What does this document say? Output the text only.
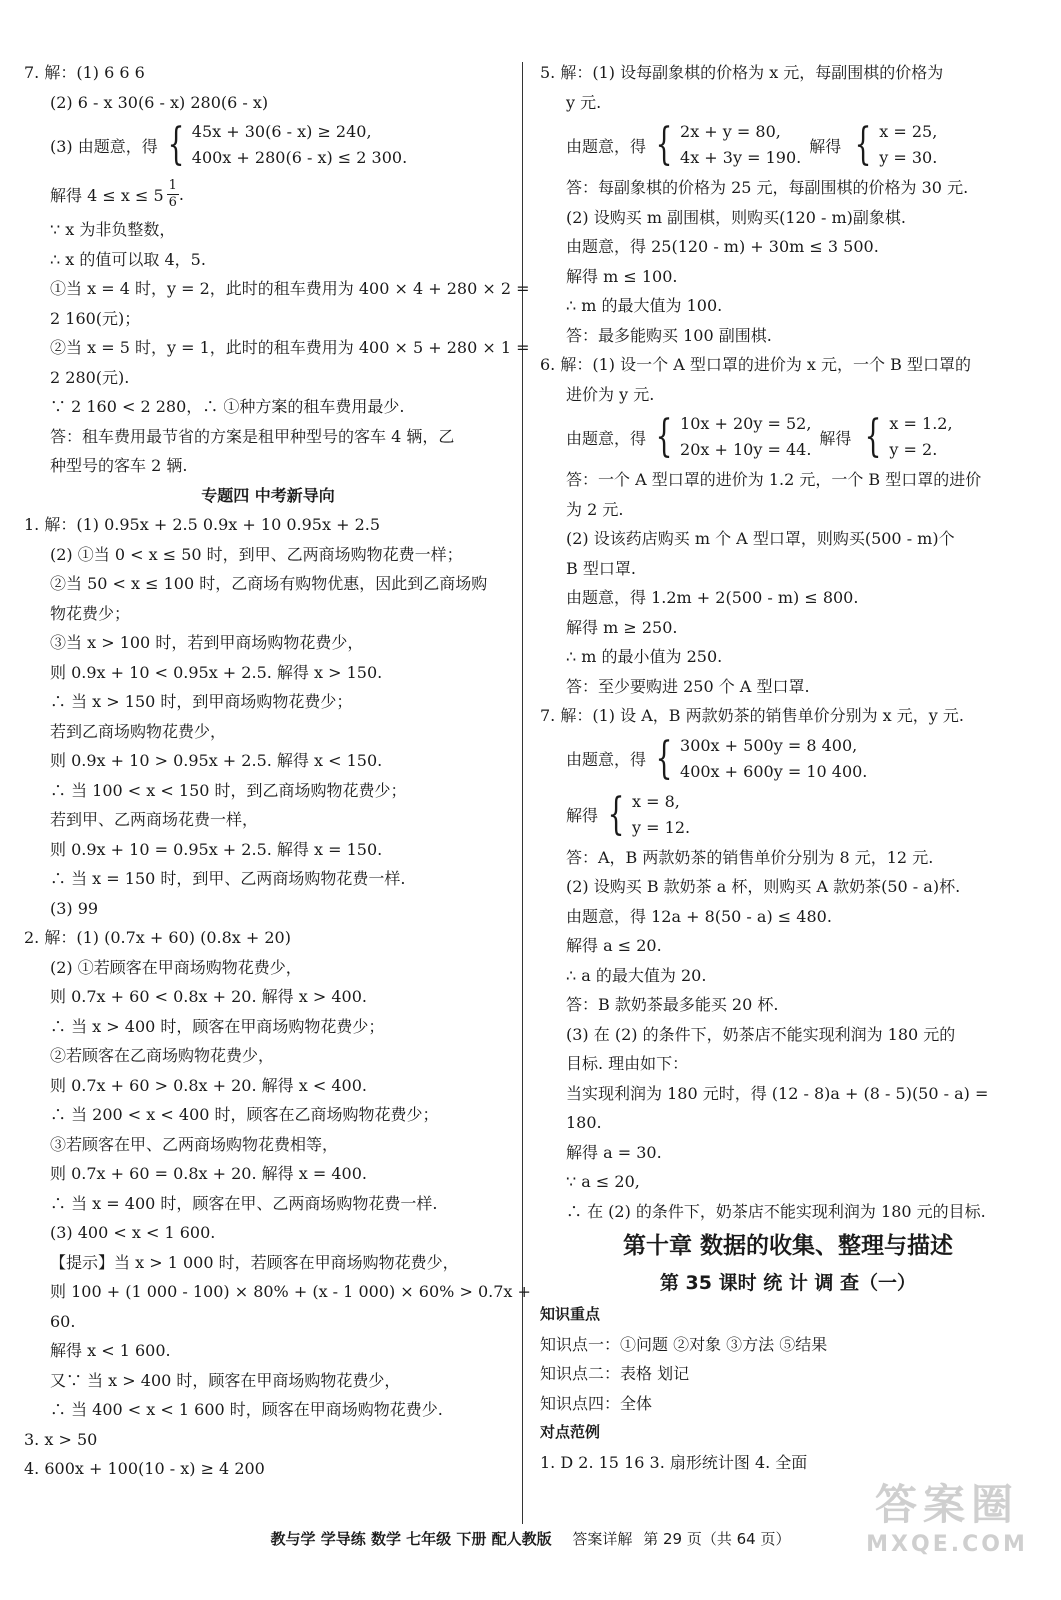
7. 解：(1) 6 6 6
(2) 6 - x 30(6 - x) 280(6 - x)
(3) 由题意，得 { 45x + 30(6 - x) ≥ 240,
400x + 280(6 - x) ≤ 2 300.
解得 $4 \le x \le 5 \frac{1}{6}$ .
∵ x 为非负整数，
∴ x 的值可以取 4，5.
①当 x = 4 时，y = 2，此时的租车费用为 400 × 4 + 280 × 2 =
2 160(元)；
②当 x = 5 时，y = 1，此时的租车费用为 400 × 5 + 280 × 1 =
2 280(元).
∵ 2 160 < 2 280，∴ ①种方案的租车费用最少.
答：租车费用最节省的方案是租甲种型号的客车 4 辆，乙
种型号的客车 2 辆.
专题四 中考新导向
1. 解：(1) 0.95x + 2.5 0.9x + 10 0.95x + 2.5
(2) ①当 0 < x ≤ 50 时，到甲、乙两商场购物花费一样；
②当 50 < x ≤ 100 时，乙商场有购物优惠，因此到乙商场购
物花费少；
③当 x > 100 时，若到甲商场购物花费少，
则 0.9x + 10 < 0.95x + 2.5. 解得 x > 150.
∴ 当 x > 150 时，到甲商场购物花费少；
若到乙商场购物花费少，
则 0.9x + 10 > 0.95x + 2.5. 解得 x < 150.
∴ 当 100 < x < 150 时，到乙商场购物花费少；
若到甲、乙两商场花费一样，
则 0.9x + 10 = 0.95x + 2.5. 解得 x = 150.
∴ 当 x = 150 时，到甲、乙两商场购物花费一样.
(3) 99
2. 解：(1) (0.7x + 60) (0.8x + 20)
(2) ①若顾客在甲商场购物花费少，
则 0.7x + 60 < 0.8x + 20. 解得 x > 400.
∴ 当 x > 400 时，顾客在甲商场购物花费少；
②若顾客在乙商场购物花费少，
则 0.7x + 60 > 0.8x + 20. 解得 x < 400.
∴ 当 200 < x < 400 时，顾客在乙商场购物花费少；
③若顾客在甲、乙两商场购物花费相等，
则 0.7x + 60 = 0.8x + 20. 解得 x = 400.
∴ 当 x = 400 时，顾客在甲、乙两商场购物花费一样.
(3) 400 < x < 1 600.
【提示】当 x > 1 000 时，若顾客在甲商场购物花费少，
则 100 + (1 000 - 100) × 80% + (x - 1 000) × 60% > 0.7x +
60.
解得 x < 1 600.
又∵ 当 x > 400 时，顾客在甲商场购物花费少，
∴ 当 400 < x < 1 600 时，顾客在甲商场购物花费少.
3. x > 50
4. 600x + 100(10 - x) ≥ 4 200
5. 解：(1) 设每副象棋的价格为 x 元，每副围棋的价格为
y 元.
由题意，得 { 2x + y = 80,
4x + 3y = 190.
解得 { x = 25,
y = 30.
答：每副象棋的价格为 25 元，每副围棋的价格为 30 元.
(2) 设购买 m 副围棋，则购买(120 - m)副象棋.
由题意，得 25(120 - m) + 30m ≤ 3 500.
解得 m ≤ 100.
∴ m 的最大值为 100.
答：最多能购买 100 副围棋.
6. 解：(1) 设一个 A 型口罩的进价为 x 元，一个 B 型口罩的
进价为 y 元.
由题意，得 { 10x + 20y = 52,
20x + 10y = 44.
解得 { x = 1.2,
y = 2.
答：一个 A 型口罩的进价为 1.2 元，一个 B 型口罩的进价
为 2 元.
(2) 设该药店购买 m 个 A 型口罩，则购买(500 - m)个
B 型口罩.
由题意，得 1.2m + 2(500 - m) ≤ 800.
解得 m ≥ 250.
∴ m 的最小值为 250.
答：至少要购进 250 个 A 型口罩.
7. 解：(1) 设 A，B 两款奶茶的销售单价分别为 x 元，y 元.
由题意，得 { 300x + 500y = 8 400,
400x + 600y = 10 400.
解得 { x = 8,
y = 12.
答：A，B 两款奶茶的销售单价分别为 8 元，12 元.
(2) 设购买 B 款奶茶 a 杯，则购买 A 款奶茶(50 - a)杯.
由题意，得 12a + 8(50 - a) ≤ 480.
解得 a ≤ 20.
∴ a 的最大值为 20.
答：B 款奶茶最多能买 20 杯.
(3) 在 (2) 的条件下，奶茶店不能实现利润为 180 元的
目标. 理由如下：
当实现利润为 180 元时，得 (12 - 8)a + (8 - 5)(50 - a) =
180.
解得 a = 30.
∵ a ≤ 20,
∴ 在 (2) 的条件下，奶茶店不能实现利润为 180 元的目标.
第十章 数据的收集、整理与描述
第 35 课时 统 计 调 查（一）
知识重点
知识点一：①问题 ②对象 ③方法 ⑤结果
知识点二：表格 划记
知识点四：全体
对点范例
1. D 2. 15 16 3. 扇形统计图 4. 全面
教与学 学导练 数学 七年级 下册 配人教版 答案详解 第 29 页（共 64 页）
答案圈
MXQE.COM
